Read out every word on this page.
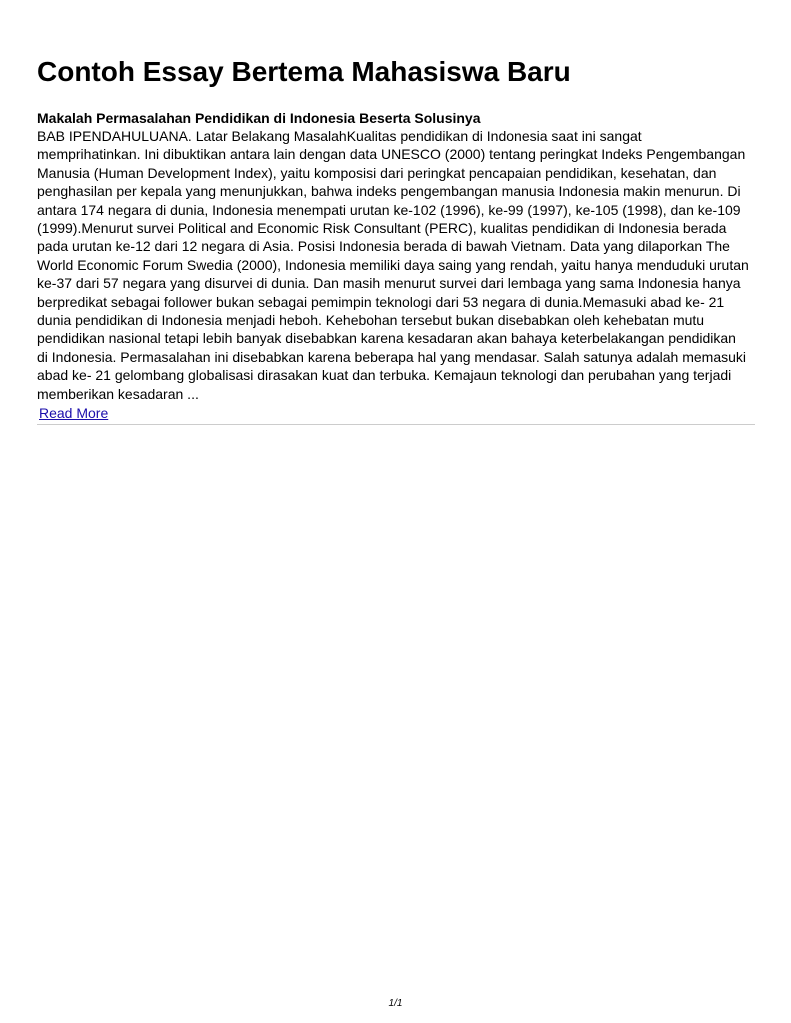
Contoh Essay Bertema Mahasiswa Baru
Makalah Permasalahan Pendidikan di Indonesia Beserta Solusinya

BAB IPENDAHULUANA. Latar Belakang MasalahKualitas pendidikan di Indonesia saat ini sangat memprihatinkan. Ini dibuktikan antara lain dengan data UNESCO (2000) tentang peringkat Indeks Pengembangan Manusia (Human Development Index), yaitu komposisi dari peringkat pencapaian pendidikan, kesehatan, dan penghasilan per kepala yang menunjukkan, bahwa indeks pengembangan manusia Indonesia makin menurun. Di antara 174 negara di dunia, Indonesia menempati urutan ke-102 (1996), ke-99 (1997), ke-105 (1998), dan ke-109 (1999).Menurut survei Political and Economic Risk Consultant (PERC), kualitas pendidikan di Indonesia berada pada urutan ke-12 dari 12 negara di Asia. Posisi Indonesia berada di bawah Vietnam. Data yang dilaporkan The World Economic Forum Swedia (2000), Indonesia memiliki daya saing yang rendah, yaitu hanya menduduki urutan ke-37 dari 57 negara yang disurvei di dunia. Dan masih menurut survei dari lembaga yang sama Indonesia hanya berpredikat sebagai follower bukan sebagai pemimpin teknologi dari 53 negara di dunia.Memasuki abad ke- 21 dunia pendidikan di Indonesia menjadi heboh. Kehebohan tersebut bukan disebabkan oleh kehebatan mutu pendidikan nasional tetapi lebih banyak disebabkan karena kesadaran akan bahaya keterbelakangan pendidikan di Indonesia. Permasalahan ini disebabkan karena beberapa hal yang mendasar. Salah satunya adalah memasuki abad ke- 21 gelombang globalisasi dirasakan kuat dan terbuka. Kemajaun teknologi dan perubahan yang terjadi memberikan kesadaran ...

Read More
1/1
